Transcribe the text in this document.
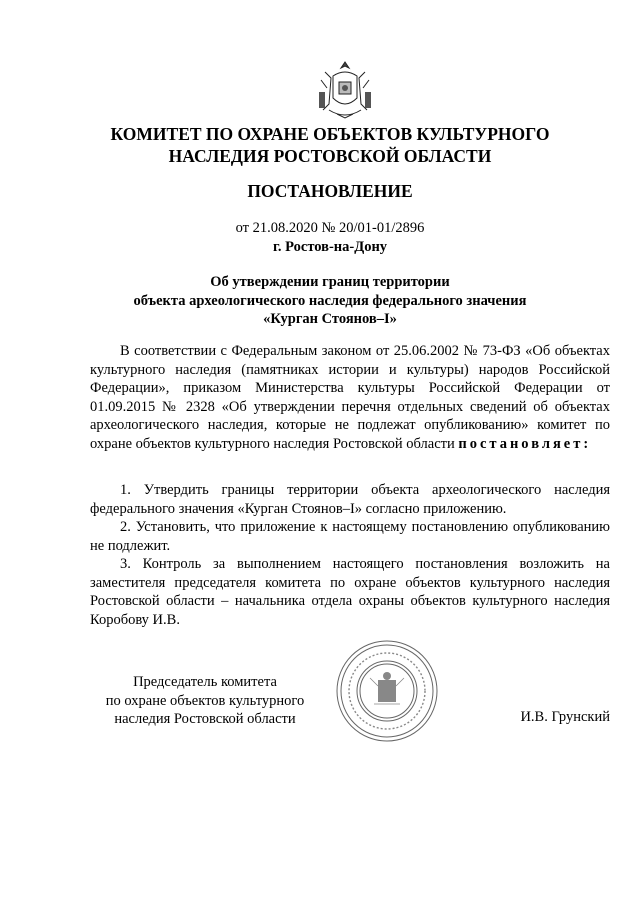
КОМИТЕТ ПО ОХРАНЕ ОБЪЕКТОВ КУЛЬТУРНОГО
НАСЛЕДИЯ РОСТОВСКОЙ ОБЛАСТИ
ПОСТАНОВЛЕНИЕ
от 21.08.2020 № 20/01-01/2896
г. Ростов-на-Дону
Об утверждении границ территории
объекта археологического наследия федерального значения
«Курган Стоянов–I»
В соответствии с Федеральным законом от 25.06.2002 № 73-ФЗ «Об объектах культурного наследия (памятниках истории и культуры) народов Российской Федерации», приказом Министерства культуры Российской Федерации от 01.09.2015 № 2328 «Об утверждении перечня отдельных сведений об объектах археологического наследия, которые не подлежат опубликованию» комитет по охране объектов культурного наследия Ростовской области постановляет:

1. Утвердить границы территории объекта археологического наследия федерального значения «Курган Стоянов–I» согласно приложению.

2. Установить, что приложение к настоящему постановлению опубликованию не подлежит.

3. Контроль за выполнением настоящего постановления возложить на заместителя председателя комитета по охране объектов культурного наследия Ростовской области – начальника отдела охраны объектов культурного наследия Коробову И.В.

Председатель комитета
по охране объектов культурного
наследия Ростовской области	И.В. Грунский
